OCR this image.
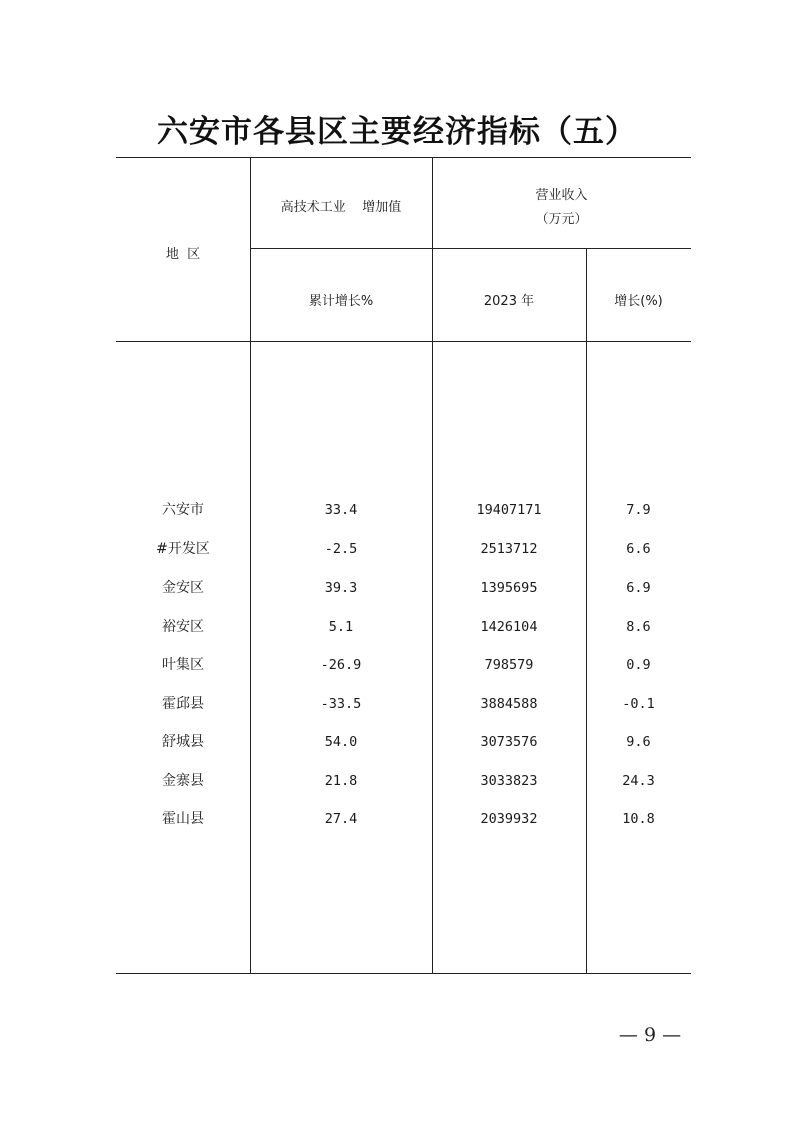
六安市各县区主要经济指标（五）
地  区
高技术工业    增加值
营业收入
（万元）
累计增长%	2023 年	增长(%)
六安市	33.4	19407171	7.9
#开发区	-2.5	2513712	6.6
金安区	39.3	1395695	6.9
裕安区	5.1	1426104	8.6
叶集区	-26.9	798579	0.9
霍邱县	-33.5	3884588	-0.1
舒城县	54.0	3073576	9.6
金寨县	21.8	3033823	24.3
霍山县	27.4	2039932	10.8
— 9 —
